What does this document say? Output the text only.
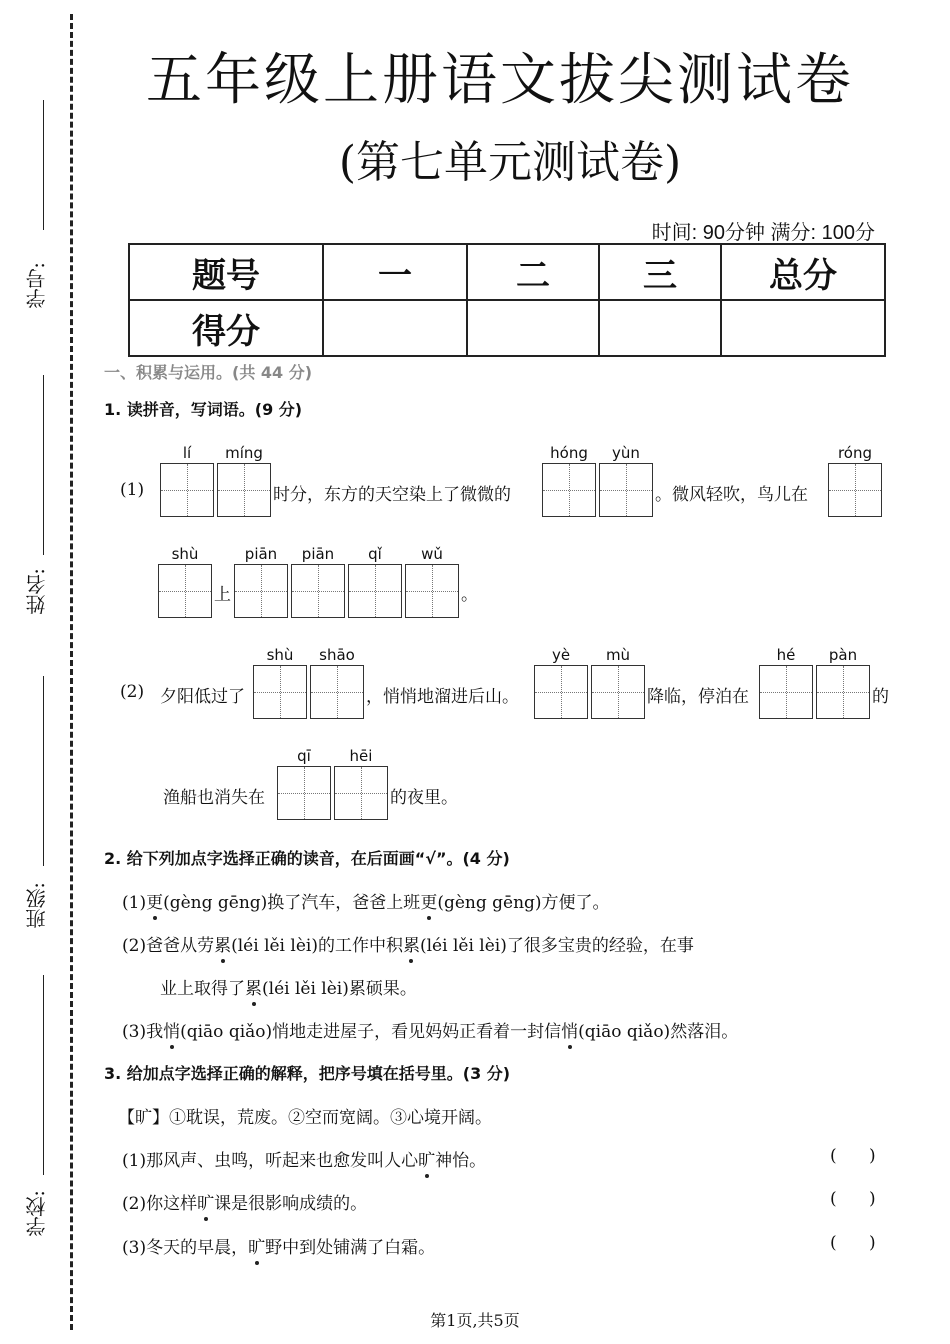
学号:
姓名:
班级:
学校:
五年级上册语文拔尖测试卷
(第七单元测试卷)
时间: 90分钟 满分: 100分
题号	一	二	三	总分
得分				
一、积累与运用。(共 44 分)
1. 读拼音，写词语。(9 分)
(1)
lí	míng
时分，东方的天空染上了微微的
hóng	yùn
。微风轻吹，鸟儿在
róng
shù
上
piān	piān	qǐ	wǔ
。
(2) 夕阳低过了
shù	shāo
，悄悄地溜进后山。
yè	mù
降临，停泊在
hé	pàn
的
渔船也消失在
qī	hēi
的夜里。
2. 给下列加点字选择正确的读音，在后面画“√”。(4 分)
(1)更(gèng gēng)换了汽车，爸爸上班更(gèng gēng)方便了。
(2)爸爸从劳累(léi lěi lèi)的工作中积累(léi lěi lèi)了很多宝贵的经验，在事
业上取得了累(léi lěi lèi)累硕果。
(3)我悄(qiāo qiǎo)悄地走进屋子，看见妈妈正看着一封信悄(qiāo qiǎo)然落泪。
3. 给加点字选择正确的解释，把序号填在括号里。(3 分)
【旷】①耽误，荒废。②空而宽阔。③心境开阔。
(1)那风声、虫鸣，听起来也愈发叫人心旷神怡。	(      )
(2)你这样旷课是很影响成绩的。	(      )
(3)冬天的早晨，旷野中到处铺满了白霜。	(      )
第1页,共5页
